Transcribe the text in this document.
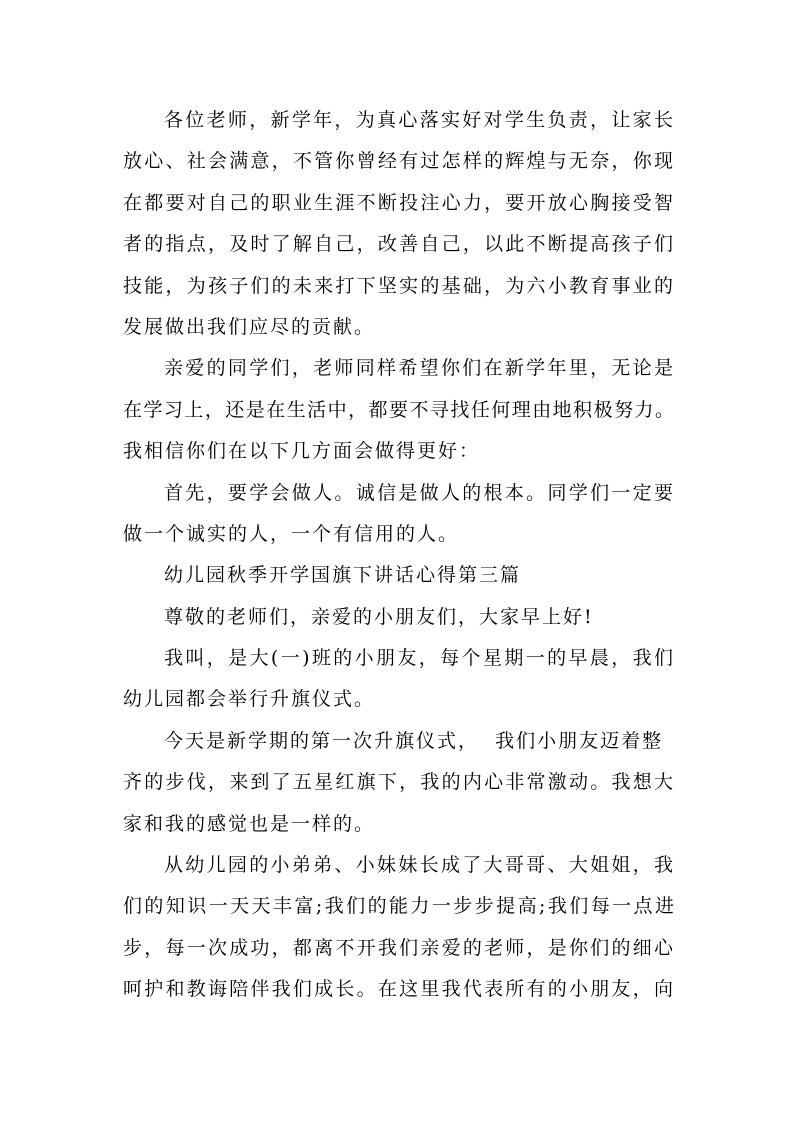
各位老师，新学年，为真心落实好对学生负责，让家长
放心、社会满意，不管你曾经有过怎样的辉煌与无奈，你现
在都要对自己的职业生涯不断投注心力，要开放心胸接受智
者的指点，及时了解自己，改善自己，以此不断提高孩子们
技能，为孩子们的未来打下坚实的基础，为六小教育事业的
发展做出我们应尽的贡献。
亲爱的同学们，老师同样希望你们在新学年里，无论是
在学习上，还是在生活中，都要不寻找任何理由地积极努力。
我相信你们在以下几方面会做得更好：
首先，要学会做人。诚信是做人的根本。同学们一定要
做一个诚实的人，一个有信用的人。
幼儿园秋季开学国旗下讲话心得第三篇
尊敬的老师们，亲爱的小朋友们，大家早上好!
我叫，是大(一)班的小朋友，每个星期一的早晨，我们
幼儿园都会举行升旗仪式。
今天是新学期的第一次升旗仪式，  我们小朋友迈着整
齐的步伐，来到了五星红旗下，我的内心非常激动。我想大
家和我的感觉也是一样的。
从幼儿园的小弟弟、小妹妹长成了大哥哥、大姐姐，我
们的知识一天天丰富;我们的能力一步步提高;我们每一点进
步，每一次成功，都离不开我们亲爱的老师，是你们的细心
呵护和教诲陪伴我们成长。在这里我代表所有的小朋友，向
